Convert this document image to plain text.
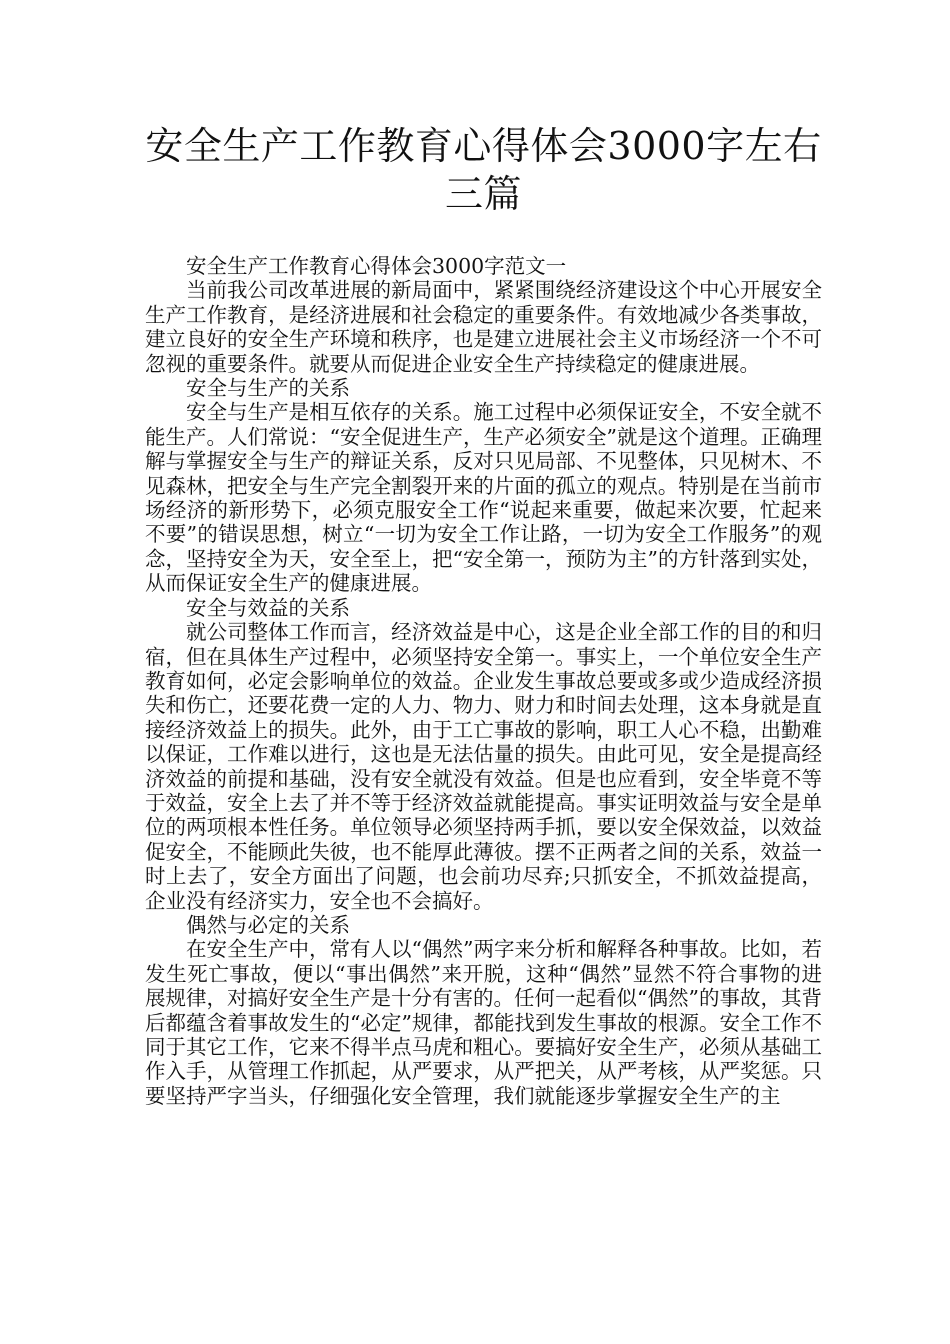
安全生产工作教育心得体会3000字左右三篇

安全生产工作教育心得体会3000字范文一

当前我公司改革进展的新局面中，紧紧围绕经济建设这个中心开展安全生产工作教育，是经济进展和社会稳定的重要条件。有效地减少各类事故，建立良好的安全生产环境和秩序，也是建立进展社会主义市场经济一个不可忽视的重要条件。就要从而促进企业安全生产持续稳定的健康进展。

安全与生产的关系

安全与生产是相互依存的关系。施工过程中必须保证安全，不安全就不能生产。人们常说：“安全促进生产，生产必须安全”就是这个道理。正确理解与掌握安全与生产的辩证关系，反对只见局部、不见整体，只见树木、不见森林，把安全与生产完全割裂开来的片面的孤立的观点。特别是在当前市场经济的新形势下，必须克服安全工作“说起来重要，做起来次要，忙起来不要”的错误思想，树立“一切为安全工作让路，一切为安全工作服务”的观念，坚持安全为天，安全至上，把“安全第一，预防为主”的方针落到实处，从而保证安全生产的健康进展。

安全与效益的关系

就公司整体工作而言，经济效益是中心，这是企业全部工作的目的和归宿，但在具体生产过程中，必须坚持安全第一。事实上，一个单位安全生产教育如何，必定会影响单位的效益。企业发生事故总要或多或少造成经济损失和伤亡，还要花费一定的人力、物力、财力和时间去处理，这本身就是直接经济效益上的损失。此外，由于工亡事故的影响，职工人心不稳，出勤难以保证，工作难以进行，这也是无法估量的损失。由此可见，安全是提高经济效益的前提和基础，没有安全就没有效益。但是也应看到，安全毕竟不等于效益，安全上去了并不等于经济效益就能提高。事实证明效益与安全是单位的两项根本性任务。单位领导必须坚持两手抓，要以安全保效益，以效益促安全，不能顾此失彼，也不能厚此薄彼。摆不正两者之间的关系，效益一时上去了，安全方面出了问题，也会前功尽弃;只抓安全，不抓效益提高，企业没有经济实力，安全也不会搞好。

偶然与必定的关系

在安全生产中，常有人以“偶然”两字来分析和解释各种事故。比如，若发生死亡事故，便以“事出偶然”来开脱，这种“偶然”显然不符合事物的进展规律，对搞好安全生产是十分有害的。任何一起看似“偶然”的事故，其背后都蕴含着事故发生的“必定”规律，都能找到发生事故的根源。安全工作不同于其它工作，它来不得半点马虎和粗心。要搞好安全生产，必须从基础工作入手，从管理工作抓起，从严要求，从严把关，从严考核，从严奖惩。只要坚持严字当头，仔细强化安全管理，我们就能逐步掌握安全生产的主
